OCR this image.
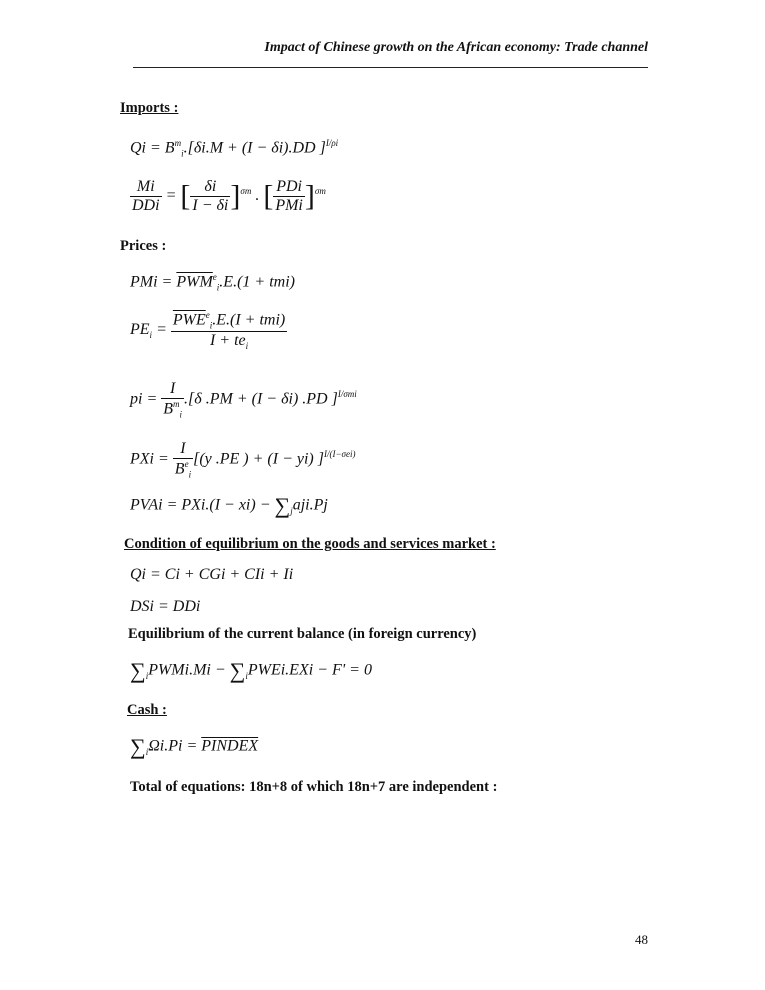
Impact of Chinese growth on the African economy: Trade channel
Imports :
$Qi = B^m_i.[\delta i.M + (I - \delta i).DD$ ]$^{I/\rho i}$
$\frac{Mi}{\text{DDi}}$ = [ $\frac{\delta i}{I - \delta i} ]^{\sigma m}$ . [ $\frac{\text{PDi}}{\text{PMi}} ]^{\sigma m}$
Prices :
PMi = $\overline{PWM}^e_i.E.(1 + tmi)$
$PE_i = \frac{\overline{PWE}^e_i.E.(I + tmi)}{I + te_i}$
pi = $\frac{I}{B^m_i} .[\delta$ .PM + (I − δi) .PD ]$^{I/\sigma mi}$
PXi = $\frac{I}{B^e_i} [(y$ .PE ) + (I − yi) ]$^{I/(I-\sigma ei)}$
PVAi = $PXi.(I - xi) - \sum_jaji.Pj$
Condition of equilibrium on the goods and services market :
Qi = Ci + CGi + CIi + Ii
DSi = DDi
Equilibrium of the current balance (in foreign currency)
$\sum_iPWMi.Mi$ − $\sum_iPWEi.EXi - F' = 0$
Cash :
$\sum_i\Omega i.Pi$ = PINDEX
Total of equations: 18n+8 of which 18n+7 are independent :
48
